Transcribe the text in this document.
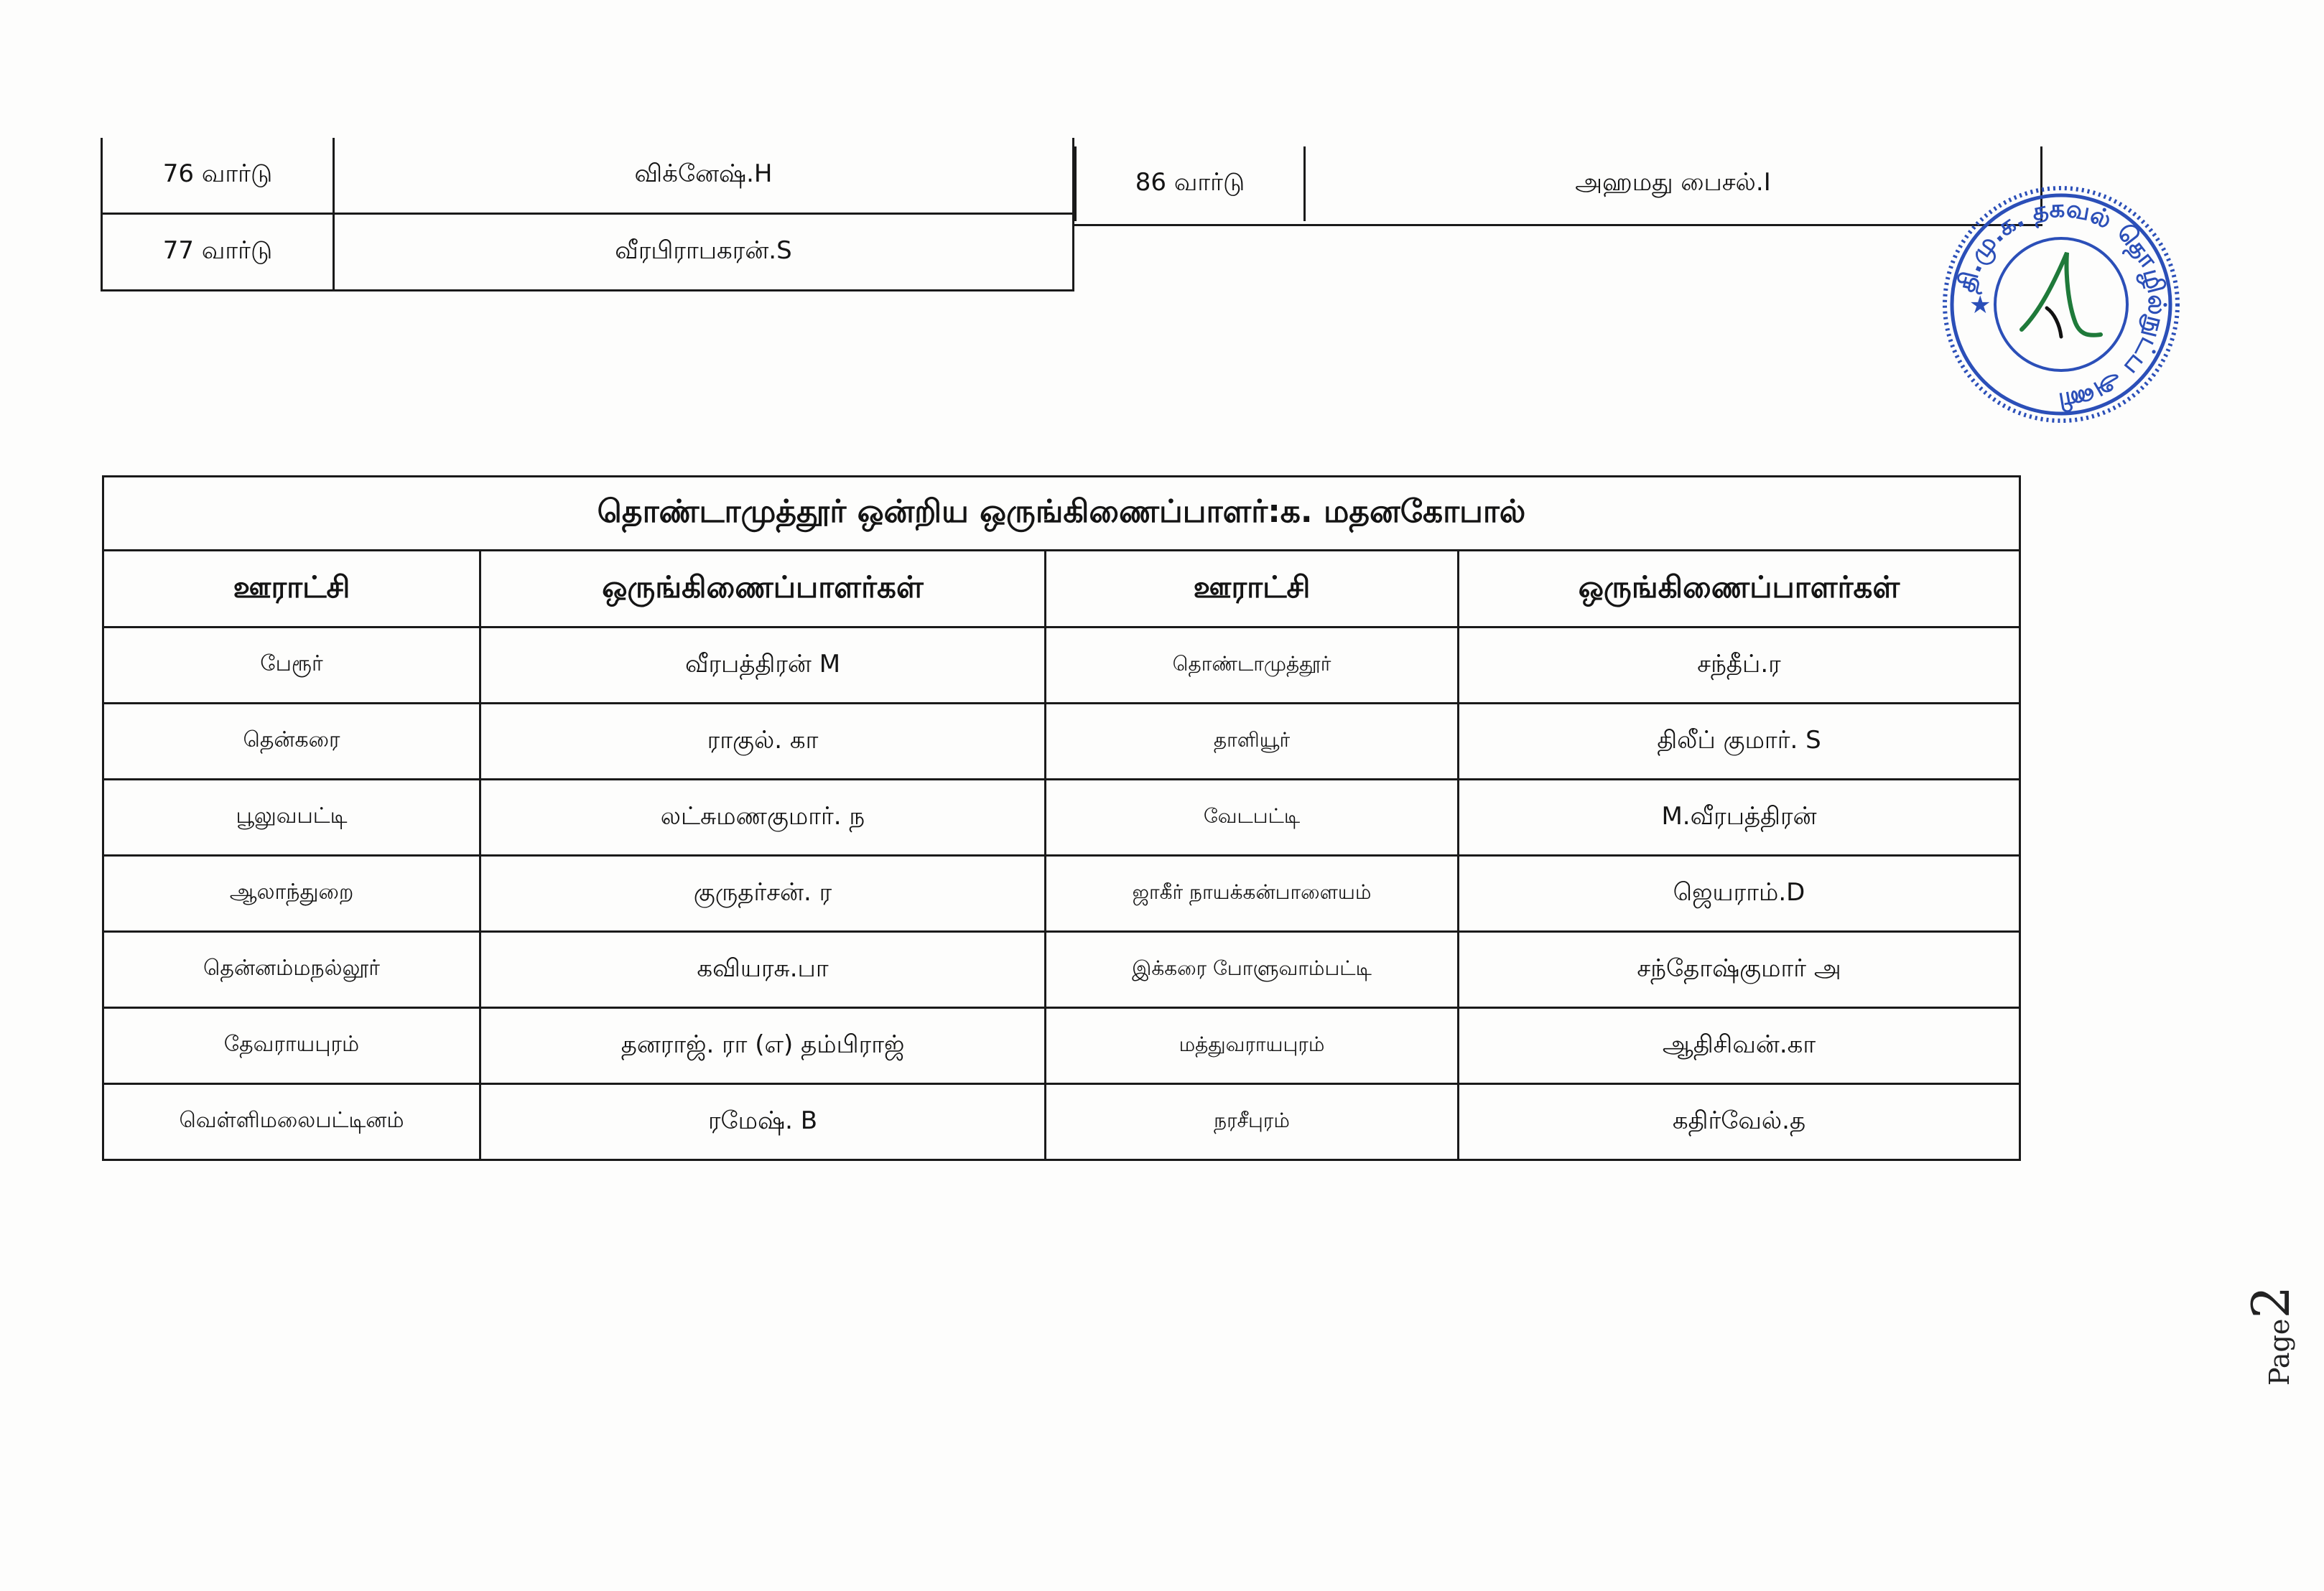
76 வார்டு	விக்னேஷ்.H
77 வார்டு	வீரபிராபகரன்.S
86 வார்டு	அஹமது பைசல்.I
தி.மு.க. தகவல் தொழில்நுட்ப அணி
★
தொண்டாமுத்தூர் ஒன்றிய ஒருங்கிணைப்பாளர்:க. மதனகோபால்			
ஊராட்சி	ஒருங்கிணைப்பாளர்கள்	ஊராட்சி	ஒருங்கிணைப்பாளர்கள்
பேரூர்	வீரபத்திரன் M	தொண்டாமுத்தூர்	சந்தீப்.ர
தென்கரை	ராகுல். கா	தாளியூர்	திலீப் குமார். S
பூலுவபட்டி	லட்சுமணகுமார். ந	வேடபட்டி	M.வீரபத்திரன்
ஆலாந்துறை	குருதர்சன். ர	ஜாகீர் நாயக்கன்பாளையம்	ஜெயராம்.D
தென்னம்மநல்லூர்	கவியரசு.பா	இக்கரை போளுவாம்பட்டி	சந்தோஷ்குமார் அ
தேவராயபுரம்	தனராஜ். ரா (எ) தம்பிராஜ்	மத்துவராயபுரம்	ஆதிசிவன்.கா
வெள்ளிமலைபட்டினம்	ரமேஷ். B	நரசீபுரம்	கதிர்வேல்.த
Page2
